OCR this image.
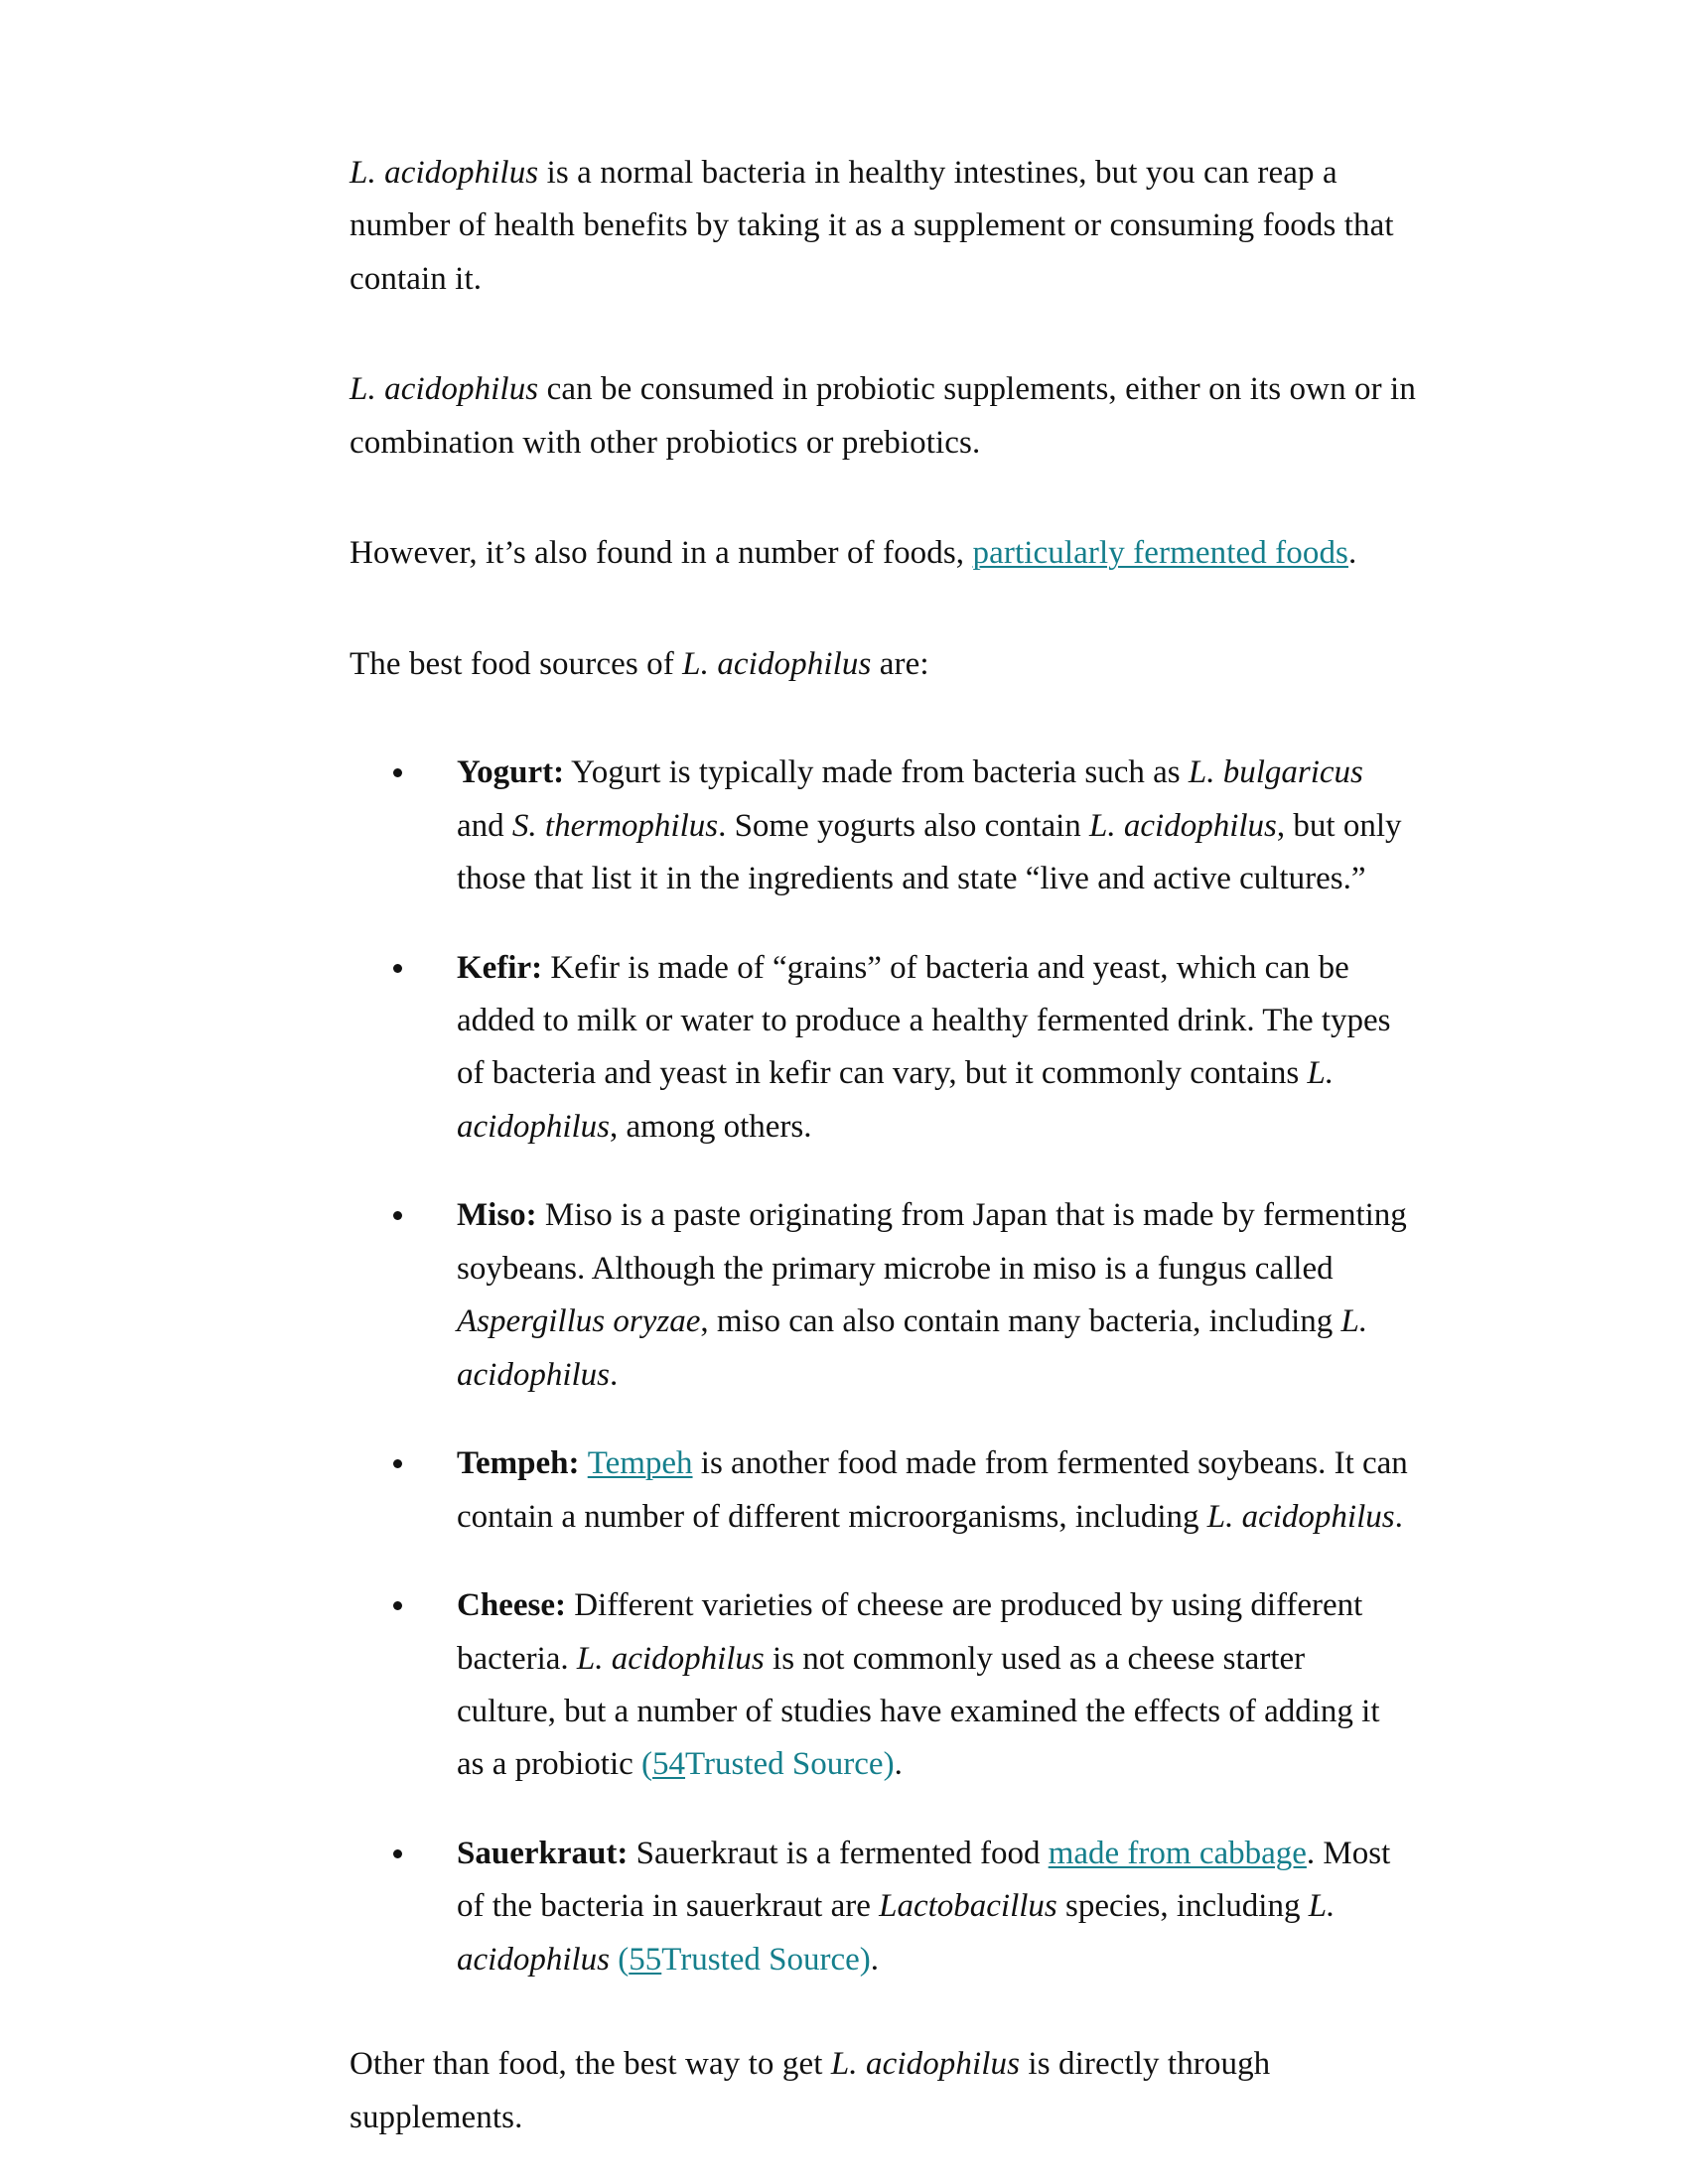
L. acidophilus is a normal bacteria in healthy intestines, but you can reap a number of health benefits by taking it as a supplement or consuming foods that contain it.

L. acidophilus can be consumed in probiotic supplements, either on its own or in combination with other probiotics or prebiotics.

However, it’s also found in a number of foods, particularly fermented foods.

The best food sources of L. acidophilus are:

Yogurt: Yogurt is typically made from bacteria such as L. bulgaricus and S. thermophilus. Some yogurts also contain L. acidophilus, but only those that list it in the ingredients and state “live and active cultures.”
Kefir: Kefir is made of “grains” of bacteria and yeast, which can be added to milk or water to produce a healthy fermented drink. The types of bacteria and yeast in kefir can vary, but it commonly contains L. acidophilus, among others.
Miso: Miso is a paste originating from Japan that is made by fermenting soybeans. Although the primary microbe in miso is a fungus called Aspergillus oryzae, miso can also contain many bacteria, including L. acidophilus.
Tempeh: Tempeh is another food made from fermented soybeans. It can contain a number of different microorganisms, including L. acidophilus.
Cheese: Different varieties of cheese are produced by using different bacteria. L. acidophilus is not commonly used as a cheese starter culture, but a number of studies have examined the effects of adding it as a probiotic (54Trusted Source).
Sauerkraut: Sauerkraut is a fermented food made from cabbage. Most of the bacteria in sauerkraut are Lactobacillus species, including L. acidophilus (55Trusted Source).

Other than food, the best way to get L. acidophilus is directly through supplements.
